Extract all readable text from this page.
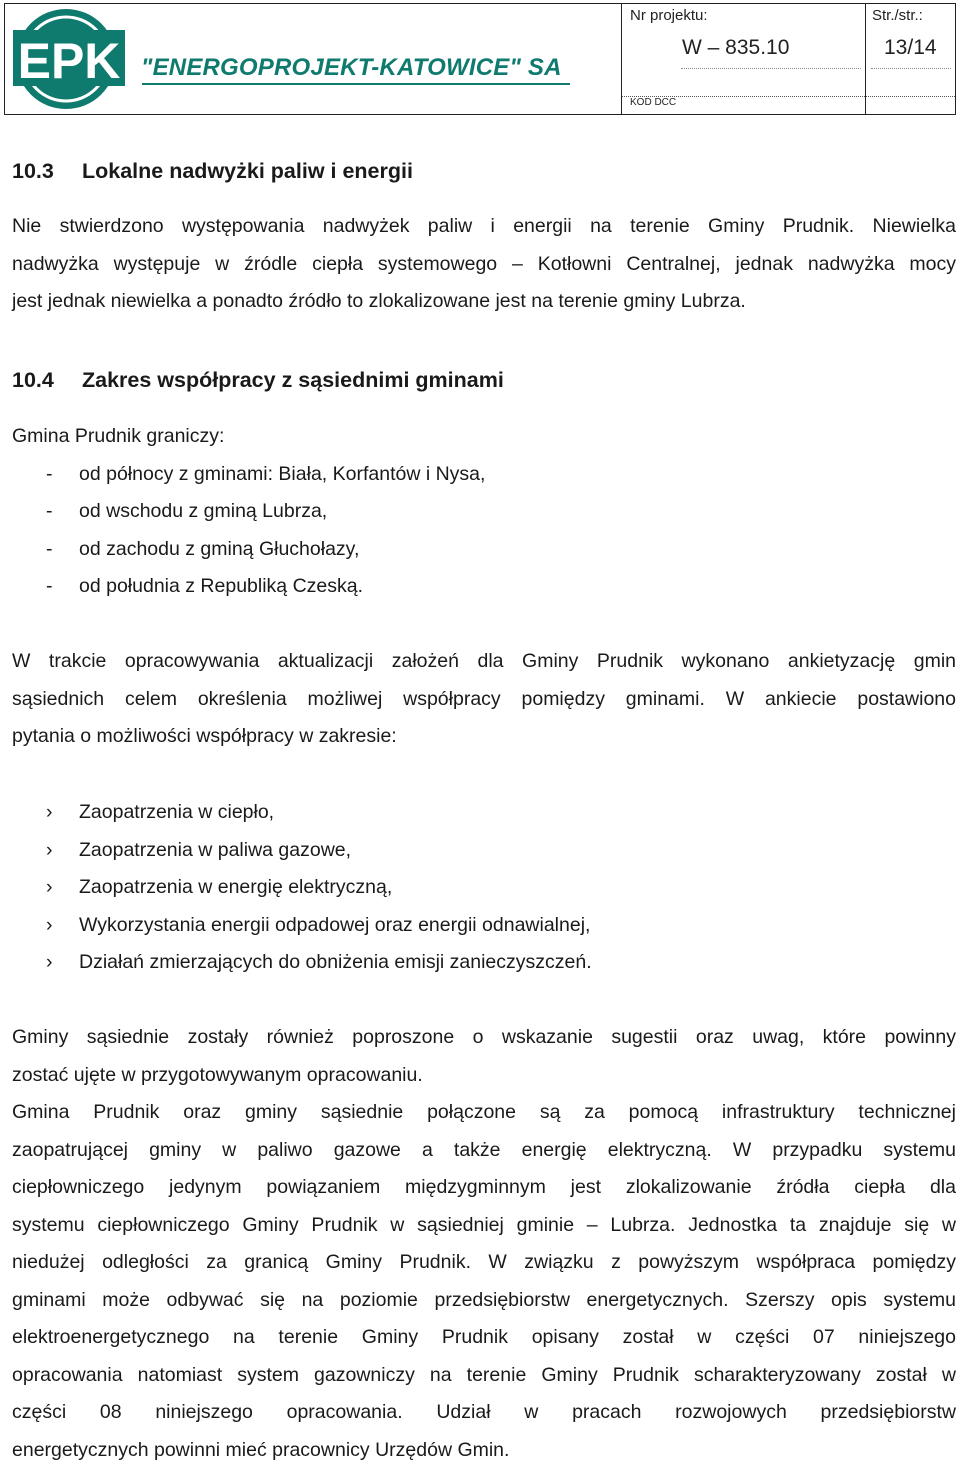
EPK "ENERGOPROJEKT-KATOWICE" SA
Nr projektu:
W – 835.10
KOD DCC
Str./str.:
13/14
10.3 Lokalne nadwyżki paliw i energii

Nie stwierdzono występowania nadwyżek paliw i energii na terenie Gminy Prudnik. Niewielka

nadwyżka występuje w źródle ciepła systemowego – Kotłowni Centralnej, jednak nadwyżka mocy

jest jednak niewielka a ponadto źródło to zlokalizowane jest na terenie gminy Lubrza.

10.4 Zakres współpracy z sąsiednimi gminami
Gmina Prudnik graniczy:
- od północy z gminami: Biała, Korfantów i Nysa,
- od wschodu z gminą Lubrza,
- od zachodu z gminą Głuchołazy,
- od południa z Republiką Czeską.

W trakcie opracowywania aktualizacji założeń dla Gminy Prudnik wykonano ankietyzację gmin

sąsiednich celem określenia możliwej współpracy pomiędzy gminami. W ankiecie postawiono

pytania o możliwości współpracy w zakresie:

› Zaopatrzenia w ciepło,
› Zaopatrzenia w paliwa gazowe,
› Zaopatrzenia w energię elektryczną,
› Wykorzystania energii odpadowej oraz energii odnawialnej,
› Działań zmierzających do obniżenia emisji zanieczyszczeń.

Gminy sąsiednie zostały również poproszone o wskazanie sugestii oraz uwag, które powinny

zostać ujęte w przygotowywanym opracowaniu.

Gmina Prudnik oraz gminy sąsiednie połączone są za pomocą infrastruktury technicznej

zaopatrującej gminy w paliwo gazowe a także energię elektryczną. W przypadku systemu

ciepłowniczego jedynym powiązaniem międzygminnym jest zlokalizowanie źródła ciepła dla

systemu ciepłowniczego Gminy Prudnik w sąsiedniej gminie – Lubrza. Jednostka ta znajduje się w

niedużej odległości za granicą Gminy Prudnik. W związku z powyższym współpraca pomiędzy

gminami może odbywać się na poziomie przedsiębiorstw energetycznych. Szerszy opis systemu

elektroenergetycznego na terenie Gminy Prudnik opisany został w części 07 niniejszego

opracowania natomiast system gazowniczy na terenie Gminy Prudnik scharakteryzowany został w

części 08 niniejszego opracowania. Udział w pracach rozwojowych przedsiębiorstw

energetycznych powinni mieć pracownicy Urzędów Gmin.
